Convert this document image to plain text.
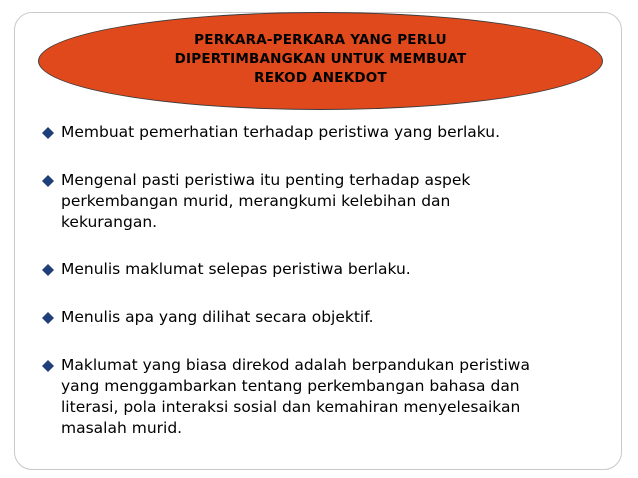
PERKARA-PERKARA YANG PERLU
DIPERTIMBANGKAN UNTUK MEMBUAT
REKOD ANEKDOT
Membuat pemerhatian terhadap peristiwa yang berlaku.
Mengenal pasti peristiwa itu penting terhadap aspek
perkembangan murid, merangkumi kelebihan dan
kekurangan.
Menulis maklumat selepas peristiwa berlaku.
Menulis apa yang dilihat secara objektif.
Maklumat yang biasa direkod adalah berpandukan peristiwa
yang menggambarkan tentang perkembangan bahasa dan
literasi, pola interaksi sosial dan kemahiran menyelesaikan
masalah murid.
